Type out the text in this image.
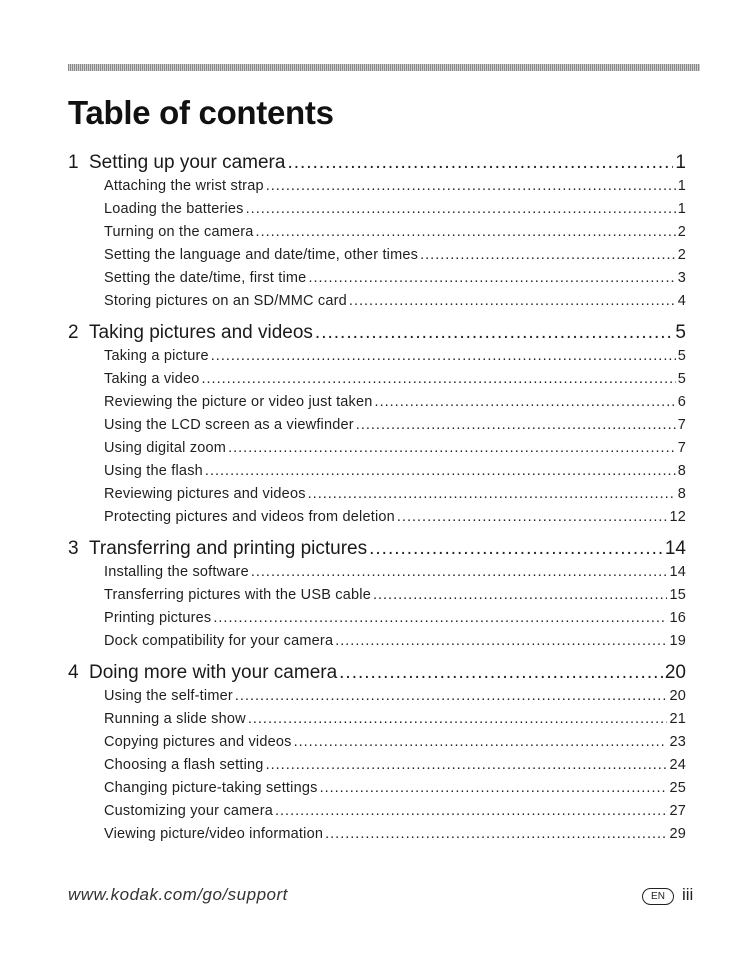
Table of contents
1 Setting up your camera .....	1
Attaching the wrist strap .....	1
Loading the batteries .....	1
Turning on the camera .....	2
Setting the language and date/time, other times .....	2
Setting the date/time, first time .....	3
Storing pictures on an SD/MMC card .....	4
2 Taking pictures and videos .....	5
Taking a picture .....	5
Taking a video .....	5
Reviewing the picture or video just taken .....	6
Using the LCD screen as a viewfinder .....	7
Using digital zoom .....	7
Using the flash .....	8
Reviewing pictures and videos .....	8
Protecting pictures and videos from deletion .....	12
3 Transferring and printing pictures .....	14
Installing the software .....	14
Transferring pictures with the USB cable .....	15
Printing pictures .....	16
Dock compatibility for your camera .....	19
4 Doing more with your camera .....	20
Using the self-timer .....	20
Running a slide show .....	21
Copying pictures and videos .....	23
Choosing a flash setting .....	24
Changing picture-taking settings .....	25
Customizing your camera .....	27
Viewing picture/video information .....	29
www.kodak.com/go/support	EN	iii
